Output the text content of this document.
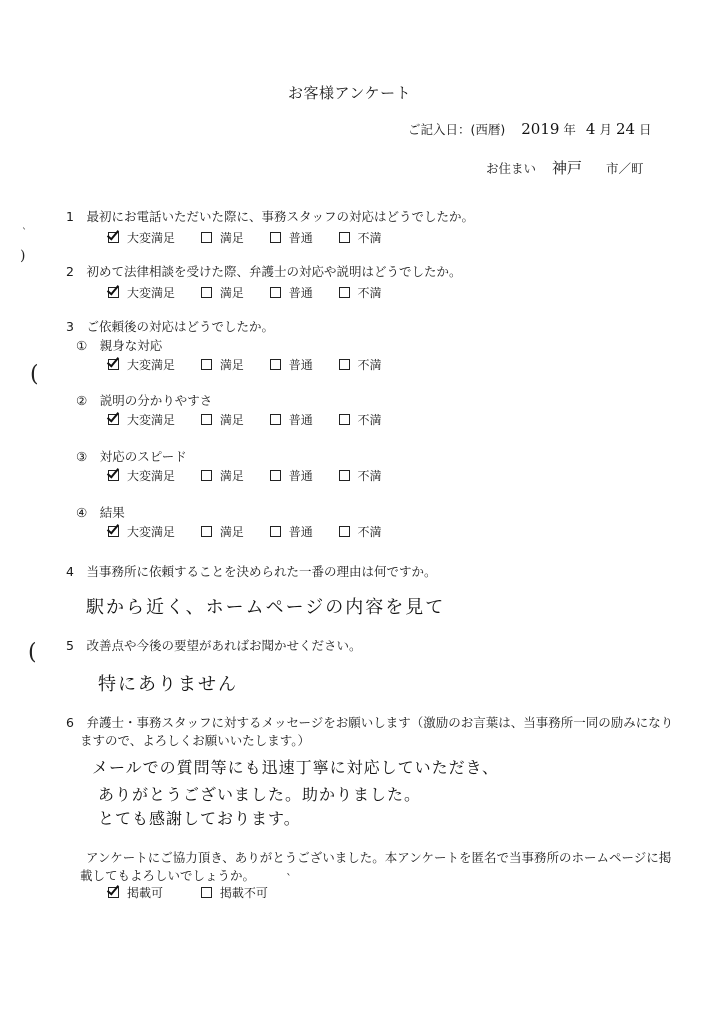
お客様アンケート
ご記入日：(西暦) 2019 年 4 月 24 日
お住まい 神戸 市／町
1　最初にお電話いただいた際に、事務スタッフの対応はどうでしたか。
大変満足	満足	普通	不満
2　初めて法律相談を受けた際、弁護士の対応や説明はどうでしたか。
大変満足	満足	普通	不満
3　ご依頼後の対応はどうでしたか。
①　親身な対応
大変満足	満足	普通	不満
②　説明の分かりやすさ
大変満足	満足	普通	不満
③　対応のスピード
大変満足	満足	普通	不満
④　結果
大変満足	満足	普通	不満
4　当事務所に依頼することを決められた一番の理由は何ですか。
駅から近く、ホームページの内容を見て
5　改善点や今後の要望があればお聞かせください。
特にありません
6　弁護士・事務スタッフに対するメッセージをお願いします（激励のお言葉は、当事務所一同の励みになり
ますので、よろしくお願いいたします。）
メールでの質問等にも迅速丁寧に対応していただき、
ありがとうございました。助かりました。
とても感謝しております。
アンケートにご協力頂き、ありがとうございました。本アンケートを匿名で当事務所のホームページに掲
載してもよろしいでしょうか。
掲載可	掲載不可
)
(
(
`
`
